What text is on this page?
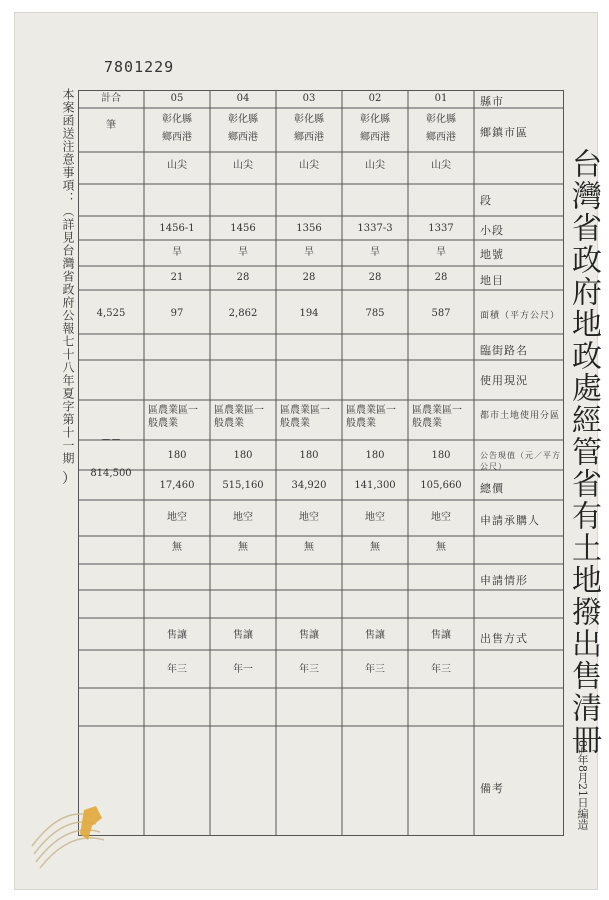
7801229
本案函送注意事項：（詳見台灣省政府公報七十八年夏字第十一期
）	台灣省政府地政處經管省有土地撥出售清冊
84年8月21日編造
計合
筆
4,525
－－
814,500
05
彰化縣
鄉西港
山尖
1456-1
旱
21
97
區農業區一般農業
180
17,460
地空
無
售讓
年三
04
彰化縣
鄉西港
山尖
1456
旱
28
2,862
區農業區一般農業
180
515,160
地空
無
售讓
年一
03
彰化縣
鄉西港
山尖
1356
旱
28
194
區農業區一般農業
180
34,920
地空
無
售讓
年三
02
彰化縣
鄉西港
山尖
1337-3
旱
28
785
區農業區一般農業
180
141,300
地空
無
售讓
年三
01
彰化縣
鄉西港
山尖
1337
旱
28
587
區農業區一般農業
180
105,660
地空
無
售讓
年三
縣市
鄉鎮市區
段
小段
地號
地目
面積（平方公尺）
臨街路名
使用現況
都市土地使用分區
公告現值（元／平方公尺）
總價
申請承購人
申請情形
出售方式
備考
